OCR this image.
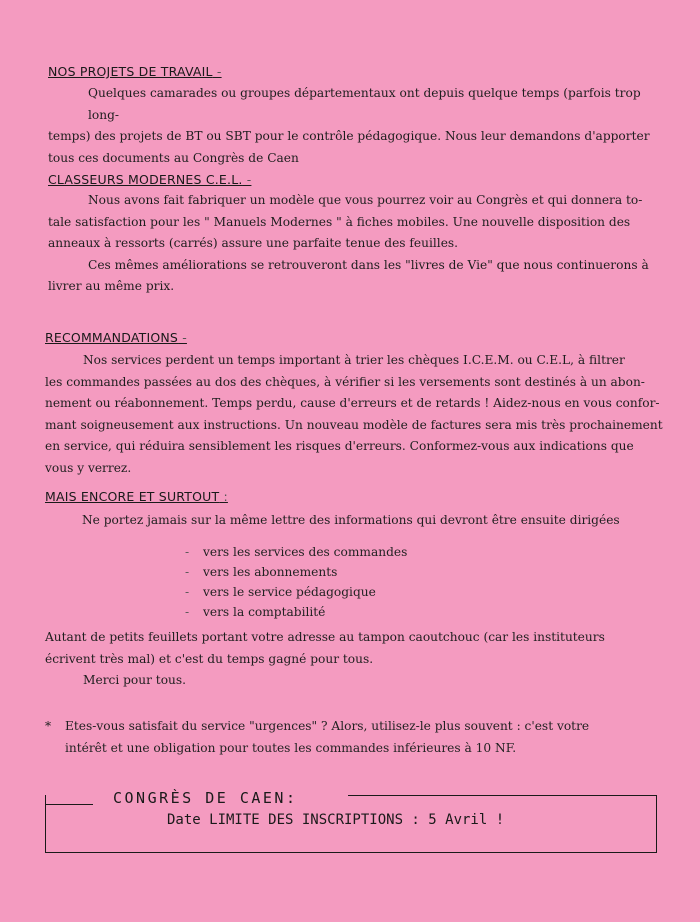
NOS PROJETS DE TRAVAIL -
Quelques camarades ou groupes départementaux ont depuis quelque temps (parfois trop long-
temps) des projets de BT ou SBT pour le contrôle pédagogique. Nous leur demandons d'apporter
tous ces documents au Congrès de Caen
CLASSEURS MODERNES C.E.L. -
Nous avons fait fabriquer un modèle que vous pourrez voir au Congrès et qui donnera to-
tale satisfaction pour les " Manuels Modernes " à fiches mobiles. Une nouvelle disposition des
anneaux à ressorts (carrés) assure une parfaite tenue des feuilles.
Ces mêmes améliorations se retrouveront dans les "livres de Vie" que nous continuerons à
livrer au même prix.
RECOMMANDATIONS -
Nos services perdent un temps important à trier les chèques I.C.E.M. ou C.E.L, à filtrer
les commandes passées au dos des chèques, à vérifier si les versements sont destinés à un abon-
nement ou réabonnement. Temps perdu, cause d'erreurs et de retards ! Aidez-nous en vous confor-
mant soigneusement aux instructions. Un nouveau modèle de factures sera mis très prochainement
en service, qui réduira sensiblement les risques d'erreurs. Conformez-vous aux indications que
vous y verrez.
MAIS ENCORE ET SURTOUT :
Ne portez jamais sur la même lettre des informations qui devront être ensuite dirigées
- vers les services des commandes
- vers les abonnements
- vers le service pédagogique
- vers la comptabilité
Autant de petits feuillets portant votre adresse au tampon caoutchouc (car les instituteurs
écrivent très mal) et c'est du temps gagné pour tous.
Merci pour tous.
* Etes-vous satisfait du service "urgences" ? Alors, utilisez-le plus souvent : c'est votre
intérêt et une obligation pour toutes les commandes inférieures à 10 NF.
CONGRÈS DE CAEN:
Date LIMITE DES INSCRIPTIONS : 5 Avril !
